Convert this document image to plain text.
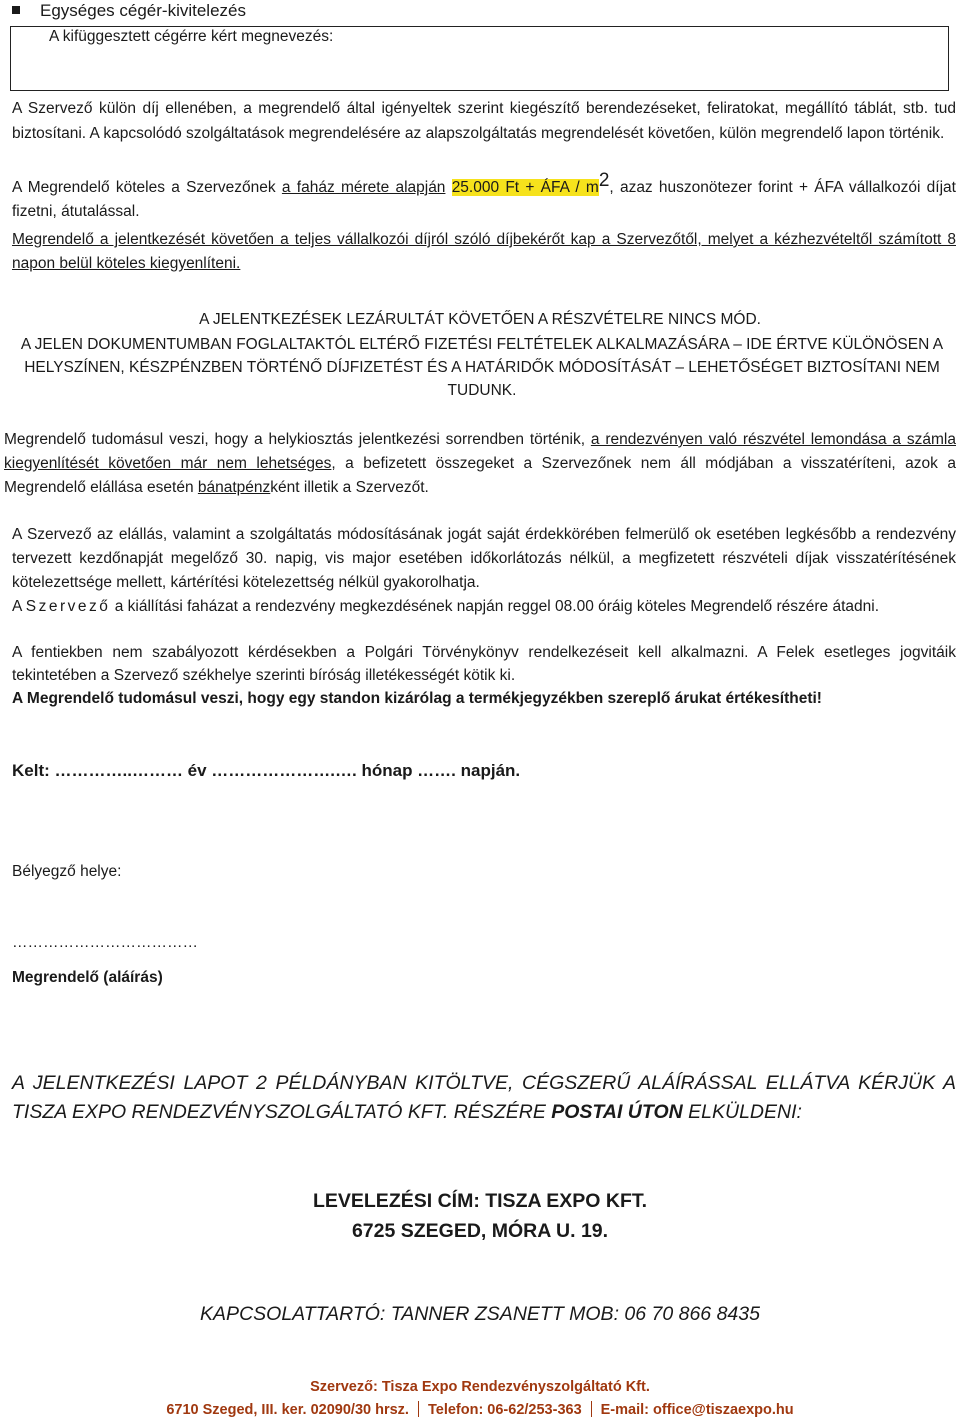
Egységes cégér-kivitelezés
A kifüggesztett cégérre kért megnevezés:
A Szervező külön díj ellenében, a megrendelő által igényeltek szerint kiegészítő berendezéseket, feliratokat, megállító táblát, stb. tud biztosítani. A kapcsolódó szolgáltatások megrendelésére az alapszolgáltatás megrendelését követően, külön megrendelő lapon történik.
A Megrendelő köteles a Szervezőnek a faház mérete alapján 25.000 Ft + ÁFA / $m^2$, azaz huszonötezer forint + ÁFA vállalkozói díjat fizetni, átutalással.
Megrendelő a jelentkezését követően a teljes vállalkozói díjról szóló díjbekérőt kap a Szervezőtől, melyet a kézhezvételtől számított 8 napon belül köteles kiegyenlíteni.
A JELENTKEZÉSEK LEZÁRULTÁT KÖVETŐEN A RÉSZVÉTELRE NINCS MÓD.
A JELEN DOKUMENTUMBAN FOGLALTAKTÓL ELTÉRŐ FIZETÉSI FELTÉTELEK ALKALMAZÁSÁRA – IDE ÉRTVE KÜLÖNÖSEN A HELYSZÍNEN, KÉSZPÉNZBEN TÖRTÉNŐ DÍJFIZETÉST ÉS A HATÁRIDŐK MÓDOSÍTÁSÁT – LEHETŐSÉGET BIZTOSÍTANI NEM TUDUNK.
Megrendelő tudomásul veszi, hogy a helykiosztás jelentkezési sorrendben történik, a rendezvényen való részvétel lemondása a számla kiegyenlítését követően már nem lehetséges, a befizetett összegeket a Szervezőnek nem áll módjában a visszatéríteni, azok a Megrendelő elállása esetén bánatpénzként illetik a Szervezőt.
A Szervező az elállás, valamint a szolgáltatás módosításának jogát saját érdekkörében felmerülő ok esetében legkésőbb a rendezvény tervezett kezdőnapját megelőző 30. napig, vis major esetében időkorlátozás nélkül, a megfizetett részvételi díjak visszatérítésének kötelezettsége mellett, kártérítési kötelezettség nélkül gyakorolhatja.
A Szervező a kiállítási faházat a rendezvény megkezdésének napján reggel 08.00 óráig köteles Megrendelő részére átadni.
A fentiekben nem szabályozott kérdésekben a Polgári Törvénykönyv rendelkezéseit kell alkalmazni. A Felek esetleges jogvitáik tekintetében a Szervező székhelye szerinti bíróság illetékességét kötik ki.
A Megrendelő tudomásul veszi, hogy egy standon kizárólag a termékjegyzékben szereplő árukat értékesítheti!
Kelt: …………..……… év ………………….…. hónap ……. napján.
Bélyegző helye:
………………………………
Megrendelő (aláírás)
A JELENTKEZÉSI LAPOT 2 PÉLDÁNYBAN KITÖLTVE, CÉGSZERŰ ALÁÍRÁSSAL ELLÁTVA KÉRJÜK A
TISZA EXPO RENDEZVÉNYSZOLGÁLTATÓ KFT. RÉSZÉRE POSTAI ÚTON ELKÜLDENI:
LEVELEZÉSI CÍM: TISZA EXPO KFT.
6725 SZEGED, MÓRA U. 19.
KAPCSOLATTARTÓ: TANNER ZSANETT MOB: 06 70 866 8435
Szervező: Tisza Expo Rendezvényszolgáltató Kft.
6710 Szeged, III. ker. 02090/30 hrsz. Telefon: 06-62/253-363 E-mail: office@tiszaexpo.hu
